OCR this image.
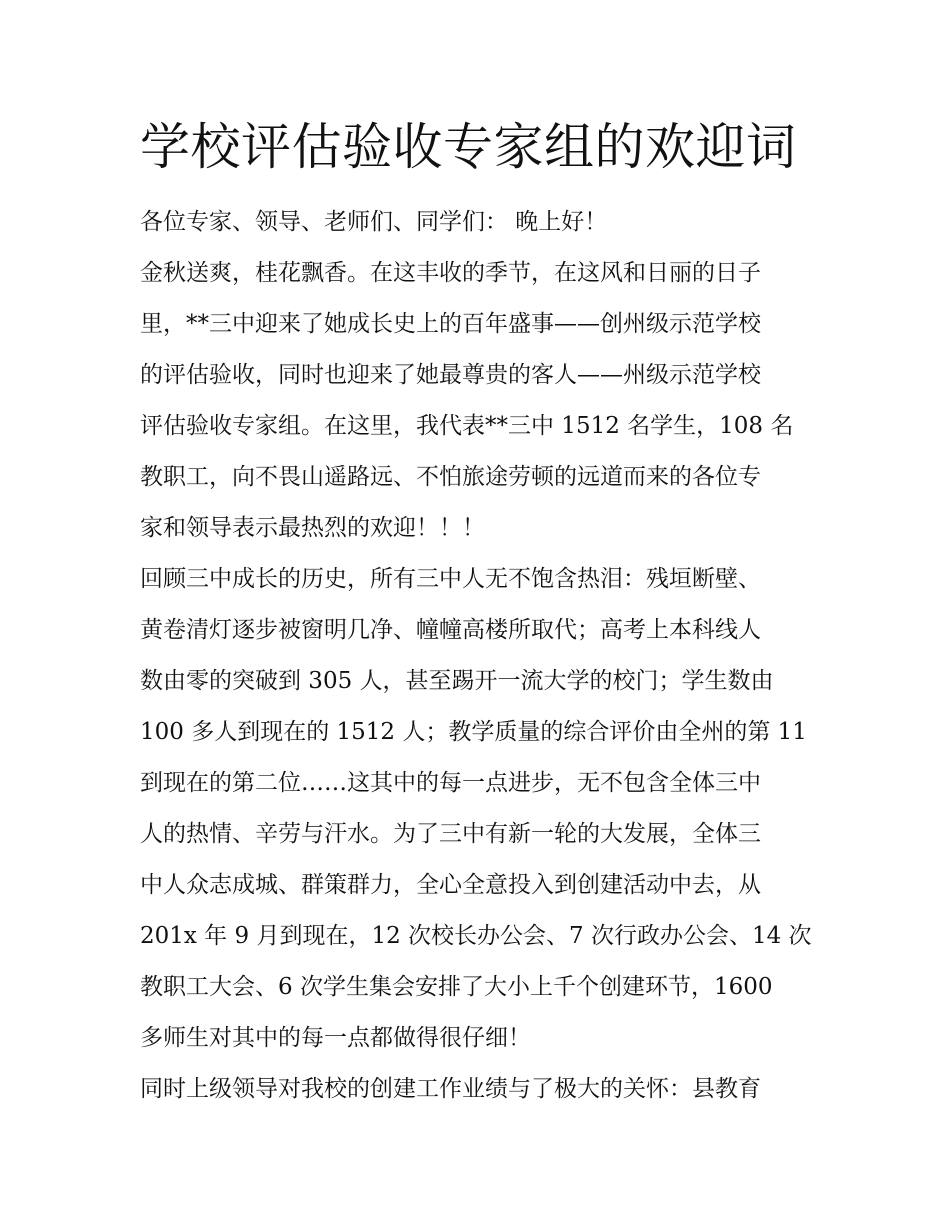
学校评估验收专家组的欢迎词
各位专家、领导、老师们、同学们： 晚上好！
金秋送爽，桂花飘香。在这丰收的季节，在这风和日丽的日子
里，**三中迎来了她成长史上的百年盛事——创州级示范学校
的评估验收，同时也迎来了她最尊贵的客人——州级示范学校
评估验收专家组。在这里，我代表**三中 1512 名学生，108 名
教职工，向不畏山遥路远、不怕旅途劳顿的远道而来的各位专
家和领导表示最热烈的欢迎！！！
回顾三中成长的历史，所有三中人无不饱含热泪：残垣断壁、
黄卷清灯逐步被窗明几净、幢幢高楼所取代；高考上本科线人
数由零的突破到 305 人，甚至踢开一流大学的校门；学生数由
100 多人到现在的 1512 人；教学质量的综合评价由全州的第 11
到现在的第二位……这其中的每一点进步，无不包含全体三中
人的热情、辛劳与汗水。为了三中有新一轮的大发展，全体三
中人众志成城、群策群力，全心全意投入到创建活动中去，从
201x 年 9 月到现在，12 次校长办公会、7 次行政办公会、14 次
教职工大会、6 次学生集会安排了大小上千个创建环节，1600
多师生对其中的每一点都做得很仔细！
同时上级领导对我校的创建工作业绩与了极大的关怀：县教育
